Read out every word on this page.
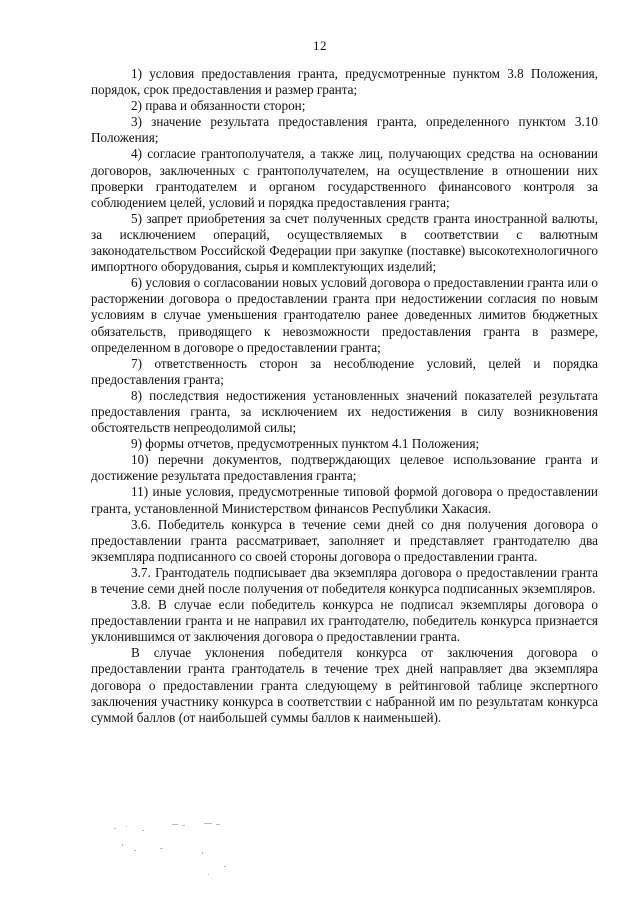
12

1) условия предоставления гранта, предусмотренные пунктом 3.8 Положения, порядок, срок предоставления и размер гранта;

2) права и обязанности сторон;

3) значение результата предоставления гранта, определенного пунктом 3.10 Положения;

4) согласие грантополучателя, а также лиц, получающих средства на основании договоров, заключенных с грантополучателем, на осуществление в отношении них проверки грантодателем и органом государственного финансового контроля за соблюдением целей, условий и порядка предоставления гранта;

5) запрет приобретения за счет полученных средств гранта иностранной валюты, за исключением операций, осуществляемых в соответствии с валютным законодательством Российской Федерации при закупке (поставке) высокотехнологичного импортного оборудования, сырья и комплектующих изделий;

6) условия о согласовании новых условий договора о предоставлении гранта или о расторжении договора о предоставлении гранта при недостижении согласия по новым условиям в случае уменьшения грантодателю ранее доведенных лимитов бюджетных обязательств, приводящего к невозможности предоставления гранта в размере, определенном в договоре о предоставлении гранта;

7) ответственность сторон за несоблюдение условий, целей и порядка предоставления гранта;

8) последствия недостижения установленных значений показателей результата предоставления гранта, за исключением их недостижения в силу возникновения обстоятельств непреодолимой силы;

9) формы отчетов, предусмотренных пунктом 4.1 Положения;

10) перечни документов, подтверждающих целевое использование гранта и достижение результата предоставления гранта;

11) иные условия, предусмотренные типовой формой договора о предоставлении гранта, установленной Министерством финансов Республики Хакасия.

3.6. Победитель конкурса в течение семи дней со дня получения договора о предоставлении гранта рассматривает, заполняет и представляет грантодателю два экземпляра подписанного со своей стороны договора о предоставлении гранта.

3.7. Грантодатель подписывает два экземпляра договора о предоставлении гранта в течение семи дней после получения от победителя конкурса подписанных экземпляров.

3.8. В случае если победитель конкурса не подписал экземпляры договора о предоставлении гранта и не направил их грантодателю, победитель конкурса признается уклонившимся от заключения договора о предоставлении гранта.

В случае уклонения победителя конкурса от заключения договора о предоставлении гранта грантодатель в течение трех дней направляет два экземпляра договора о предоставлении гранта следующему в рейтинговой таблице экспертного заключения участнику конкурса в соответствии с набранной им по результатам конкурса суммой баллов (от наибольшей суммы баллов к наименьшей).
